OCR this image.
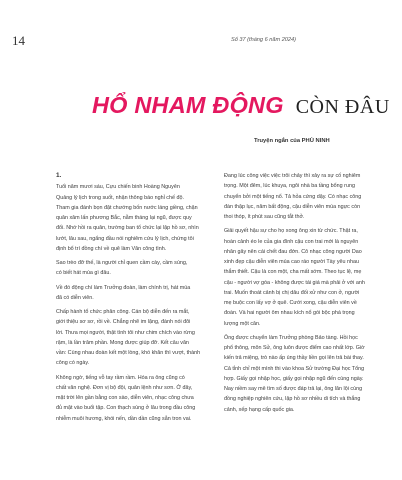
14	Số 37 (tháng 6 năm 2024)
HỔ NHAM ĐỘNG CÒN ĐÂU
Truyện ngắn của PHÙ NINH
1.
Tuổi năm mươi sáu, Cựu chiến binh Hoàng Nguyên
Quảng lý lịch trong suốt, nhận thông báo nghỉ chế độ.
Tham gia đánh bọn đặt chướng bốn nước láng giềng, chặn
quân xâm lấn phương Bắc, nằm tháng lại ngũ, được quy
đổi. Nhớ hồi ra quân, trường ban tổ chức lại lập hồ sơ, nhìn
lướt, lâu sau, ngẩng đầu nói nghiêm cứu lý lịch, chứng tôi
định bổ trí đồng chí về quê làm Văn công tình.
Sao trèo đỡ thế, là người chỉ quen cầm cày, cầm súng,
có biết hát múa gì đâu.
Về đó động chí làm Trưởng đoàn, làm chính trị, hát múa
đã có diễn viên.
Chấp hành tổ chức phân công. Cán bộ diễn đến ra mắt,
giới thiệu sơ sơ, rồi về. Chẳng nhẽ im lặng, đành nói đôi
lời. Thưa mọi người, thật tình tôi như chim chích vào rừng
rậm, là lần trâm phần. Mong được giúp đỡ. Kết câu văn
vần: Cùng nhau đoàn kết một lòng, khó khăn thì vượt, thành
công có ngày.
Không ngờ, tiếng vỗ tay rầm rầm. Hóa ra ông cũng có
chất văn nghệ. Đơn vị bộ đội, quân lệnh như sơn. Ở đây,
mặt trời lên gần bằng con sào, diễn viên, nhạc công chưa
đủ mặt vào buổi tập. Con thạch sùng ở lâu trong đầu công
nhiễm muôi hương, khói nến, dần dần cũng sẵn tron vai.
Đang lúc công việc việc trôi chảy thì xảy ra sự cố nghiêm
trọng. Một đêm, lúc khuya, ngôi nhà ba tầng bổng rung
chuyển bởi một tiếng nổ. Tả hỏa cứng dậy. Có nhạc công
đàn thập lục, năm bất động, cậu diễn viên múa ngực còn
thoi thóp, ít phút sau cũng tắt thở.
Giải quyết hậu sự cho họ xong ông xin từ chức. Thật ra,
hoàn cảnh éo le của gia đình cậu con trai mới là nguyên
nhân gây nên cái chết đau đớn. Cô nhạc công người Dao
xinh đẹp cậu diễn viên múa cao ráo người Tày yêu nhau
thắm thiết. Cậu là con một, cha mất sớm. Theo tục lệ, mẹ
cậu - người vợ góa - không được tái giá mà phải ở với anh
trai. Muốn thoát cảnh bị chị dâu đối xử như con ở, người
mẹ buộc con lấy vợ ở quê. Cưới xong, cậu diễn viên về
đoàn. Và hai người ôm nhau kích nổ gói bộc phá trọng
lượng một cân.
Ông được chuyển làm Trưởng phòng Bảo tàng. Hồi học
phổ thông, môn Sử, ông luôn được điểm cao nhất lớp. Giờ
kiến trả miệng, trò nào ấp úng thầy liền gọi lên trả bài thay.
Cả tỉnh chỉ một mình thi vào khoa Sử trường Đại học Tổng
hợp. Giấy gọi nhập học, giấy gọi nhập ngũ đến cùng ngày.
Nay niềm say mê tìm số được đáp trả lại, ông lăn lội cùng
đồng nghiệp nghiên cứu, lập hồ sơ nhiều di tích và thắng
cảnh, xếp hạng cấp quốc gia.
